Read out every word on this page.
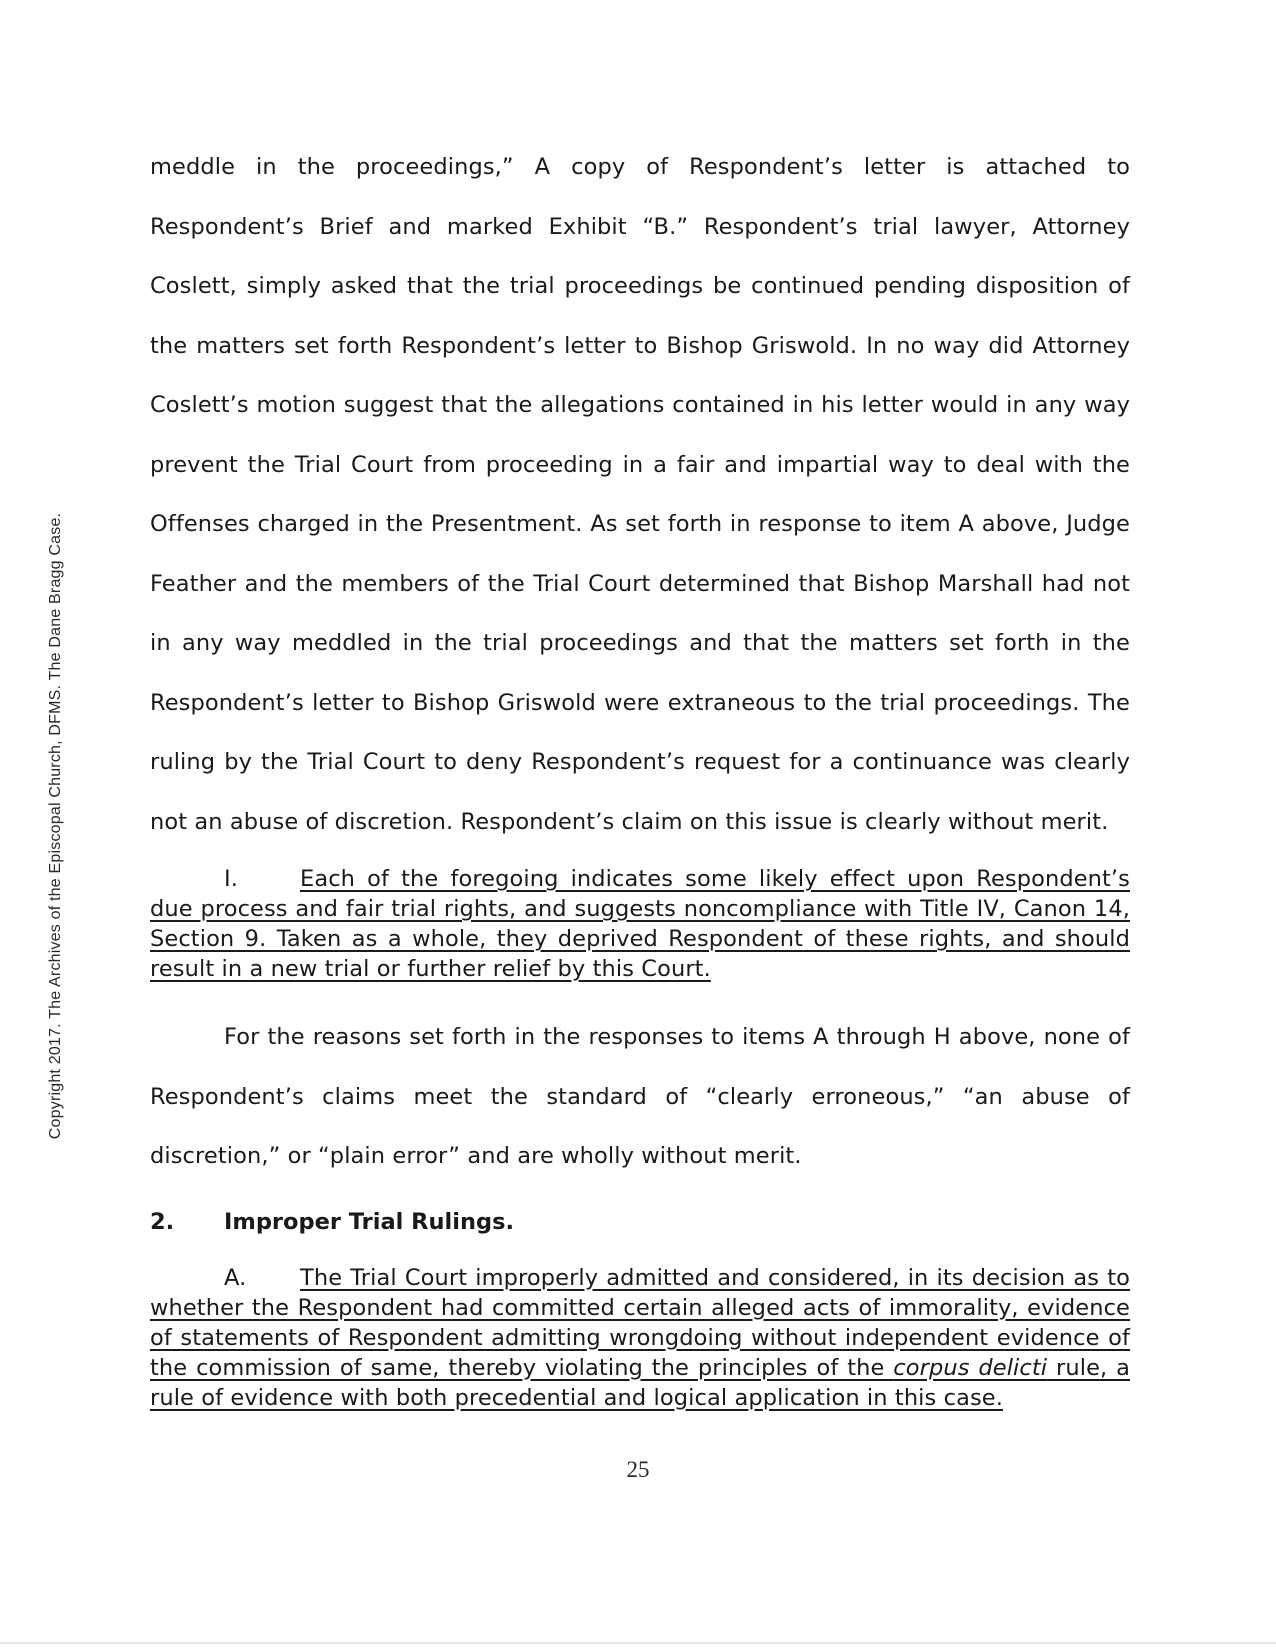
Copyright 2017. The Archives of the Episcopal Church, DFMS. The Dane Bragg Case.

meddle in the proceedings,” A copy of Respondent’s letter is attached to Respondent’s Brief and marked Exhibit “B.” Respondent’s trial lawyer, Attorney Coslett, simply asked that the trial proceedings be continued pending disposition of the matters set forth Respondent’s letter to Bishop Griswold. In no way did Attorney Coslett’s motion suggest that the allegations contained in his letter would in any way prevent the Trial Court from proceeding in a fair and impartial way to deal with the Offenses charged in the Presentment. As set forth in response to item A above, Judge Feather and the members of the Trial Court determined that Bishop Marshall had not in any way meddled in the trial proceedings and that the matters set forth in the Respondent’s letter to Bishop Griswold were extraneous to the trial proceedings. The ruling by the Trial Court to deny Respondent’s request for a continuance was clearly not an abuse of discretion. Respondent’s claim on this issue is clearly without merit.

I.	Each of the foregoing indicates some likely effect upon Respondent’s due process and fair trial rights, and suggests noncompliance with Title IV, Canon 14, Section 9. Taken as a whole, they deprived Respondent of these rights, and should result in a new trial or further relief by this Court.

For the reasons set forth in the responses to items A through H above, none of Respondent’s claims meet the standard of “clearly erroneous,” “an abuse of discretion,” or “plain error” and are wholly without merit.

2. Improper Trial Rulings.

A. The Trial Court improperly admitted and considered, in its decision as to whether the Respondent had committed certain alleged acts of immorality, evidence of statements of Respondent admitting wrongdoing without independent evidence of the commission of same, thereby violating the principles of the corpus delicti rule, a rule of evidence with both precedential and logical application in this case.

25
